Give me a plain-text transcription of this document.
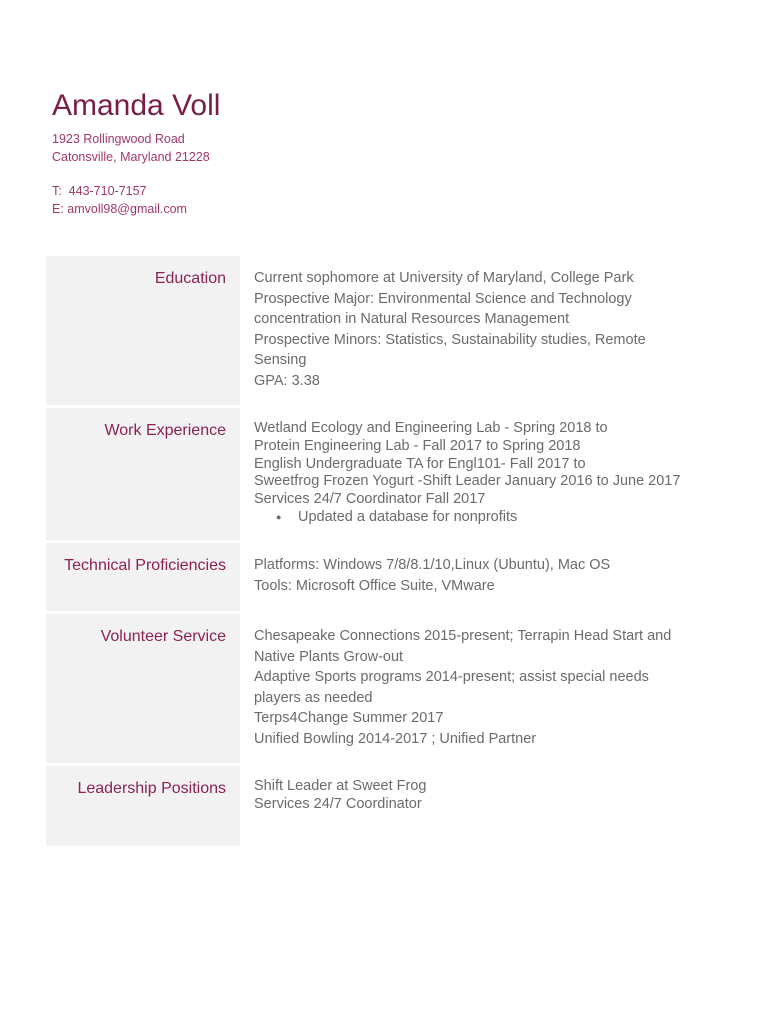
Amanda Voll
1923 Rollingwood Road
Catonsville, Maryland 21228
T:  443-710-7157
E: amvoll98@gmail.com
Education	Current sophomore at University of Maryland, College Park
Prospective Major: Environmental Science and Technology
concentration in Natural Resources Management
Prospective Minors: Statistics, Sustainability studies, Remote
Sensing
GPA: 3.38
Work Experience	Wetland Ecology and Engineering Lab - Spring 2018 to
Protein Engineering Lab - Fall 2017 to Spring 2018
English Undergraduate TA for Engl101- Fall 2017 to
Sweetfrog Frozen Yogurt -Shift Leader January 2016 to June 2017
Services 24/7 Coordinator Fall 2017
● Updated a database for nonprofits
Technical Proficiencies	Platforms: Windows 7/8/8.1/10,Linux (Ubuntu), Mac OS
Tools: Microsoft Office Suite, VMware
Volunteer Service	Chesapeake Connections 2015-present; Terrapin Head Start and
Native Plants Grow-out
Adaptive Sports programs 2014-present; assist special needs
players as needed
Terps4Change Summer 2017
Unified Bowling 2014-2017 ; Unified Partner
Leadership Positions	Shift Leader at Sweet Frog
Services 24/7 Coordinator
